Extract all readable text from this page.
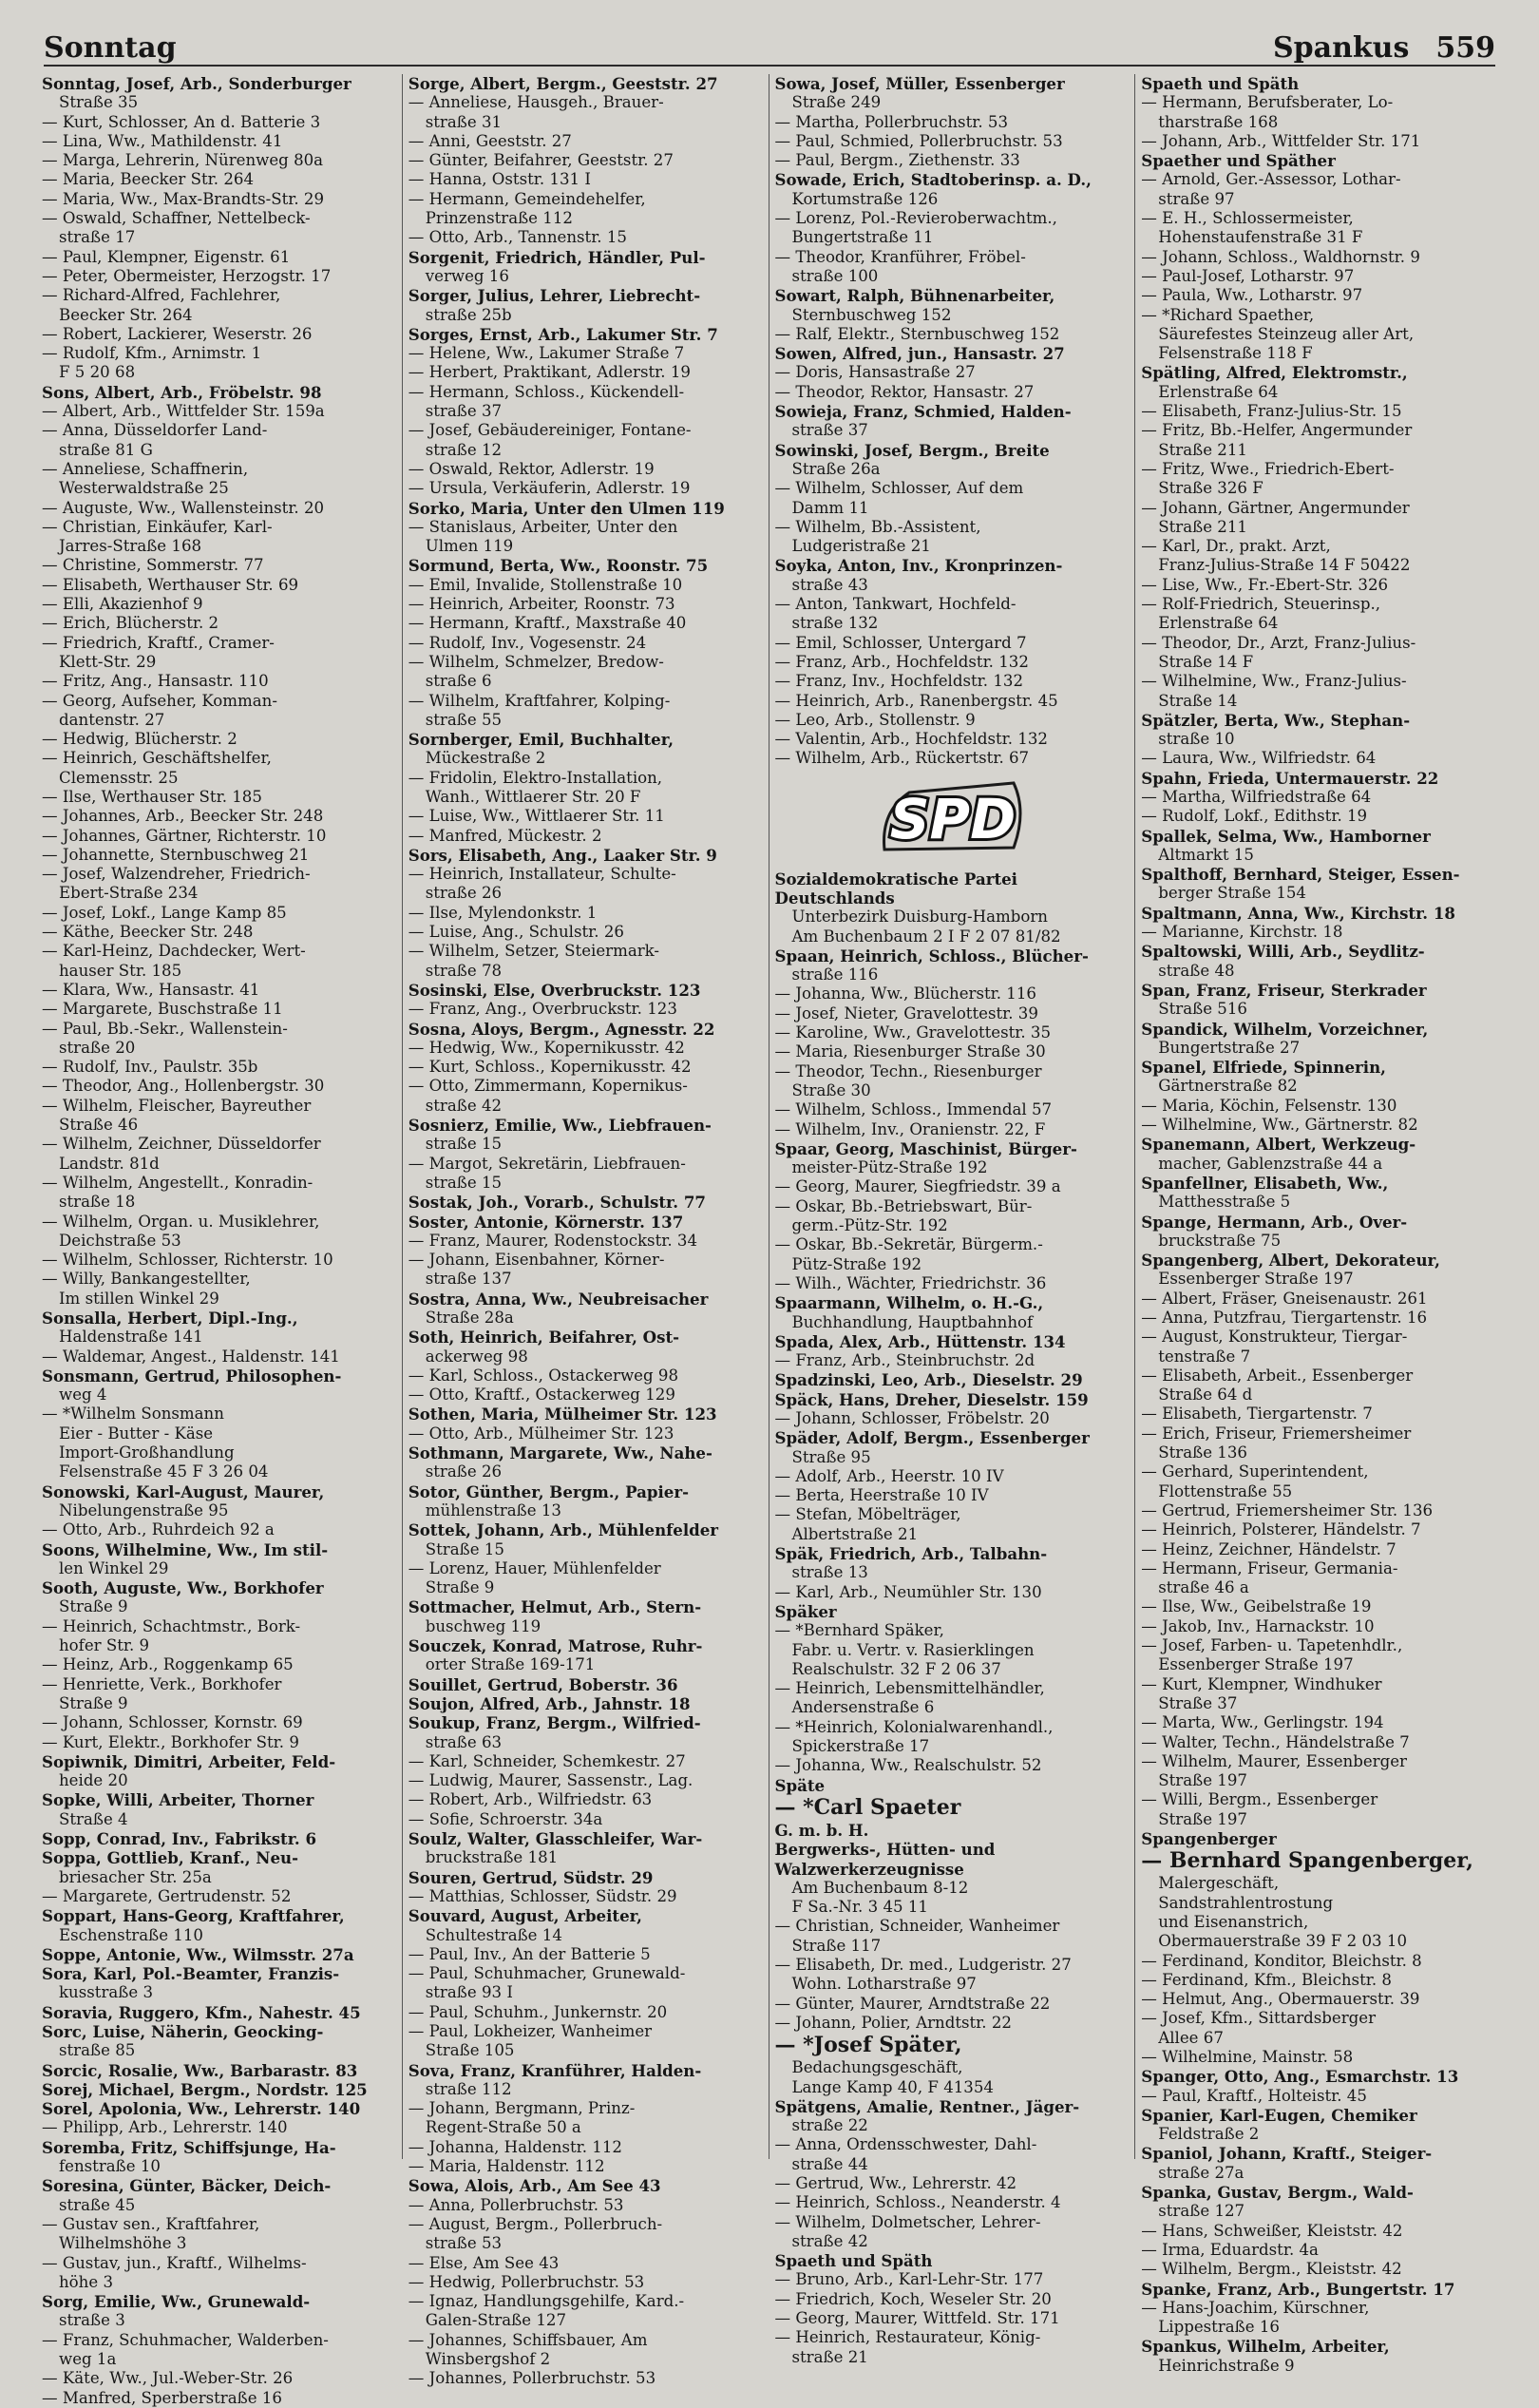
Sonntag	Spankus 559
Sonntag, Josef, Arb., Sonderburger
Straße 35
— Kurt, Schlosser, An d. Batterie 3
— Lina, Ww., Mathildenstr. 41
— Marga, Lehrerin, Nürenweg 80a
— Maria, Beecker Str. 264
— Maria, Ww., Max-Brandts-Str. 29
— Oswald, Schaffner, Nettelbeck-
straße 17
— Paul, Klempner, Eigenstr. 61
— Peter, Obermeister, Herzogstr. 17
— Richard-Alfred, Fachlehrer,
Beecker Str. 264
— Robert, Lackierer, Weserstr. 26
— Rudolf, Kfm., Arnimstr. 1
F 5 20 68
Sons, Albert, Arb., Fröbelstr. 98
— Albert, Arb., Wittfelder Str. 159a
— Anna, Düsseldorfer Land-
straße 81 G
— Anneliese, Schaffnerin,
Westerwaldstraße 25
— Auguste, Ww., Wallensteinstr. 20
— Christian, Einkäufer, Karl-
Jarres-Straße 168
— Christine, Sommerstr. 77
— Elisabeth, Werthauser Str. 69
— Elli, Akazienhof 9
— Erich, Blücherstr. 2
— Friedrich, Kraftf., Cramer-
Klett-Str. 29
— Fritz, Ang., Hansastr. 110
— Georg, Aufseher, Komman-
dantenstr. 27
— Hedwig, Blücherstr. 2
— Heinrich, Geschäftshelfer,
Clemensstr. 25
— Ilse, Werthauser Str. 185
— Johannes, Arb., Beecker Str. 248
— Johannes, Gärtner, Richterstr. 10
— Johannette, Sternbuschweg 21
— Josef, Walzendreher, Friedrich-
Ebert-Straße 234
— Josef, Lokf., Lange Kamp 85
— Käthe, Beecker Str. 248
— Karl-Heinz, Dachdecker, Wert-
hauser Str. 185
— Klara, Ww., Hansastr. 41
— Margarete, Buschstraße 11
— Paul, Bb.-Sekr., Wallenstein-
straße 20
— Rudolf, Inv., Paulstr. 35b
— Theodor, Ang., Hollenbergstr. 30
— Wilhelm, Fleischer, Bayreuther
Straße 46
— Wilhelm, Zeichner, Düsseldorfer
Landstr. 81d
— Wilhelm, Angestellt., Konradin-
straße 18
— Wilhelm, Organ. u. Musiklehrer,
Deichstraße 53
— Wilhelm, Schlosser, Richterstr. 10
— Willy, Bankangestellter,
Im stillen Winkel 29
Sonsalla, Herbert, Dipl.-Ing.,
Haldenstraße 141
— Waldemar, Angest., Haldenstr. 141
Sonsmann, Gertrud, Philosophen-
weg 4
— *Wilhelm Sonsmann
Eier - Butter - Käse
Import-Großhandlung
Felsenstraße 45 F 3 26 04
Sonowski, Karl-August, Maurer,
Nibelungenstraße 95
— Otto, Arb., Ruhrdeich 92 a
Soons, Wilhelmine, Ww., Im stil-
len Winkel 29
Sooth, Auguste, Ww., Borkhofer
Straße 9
— Heinrich, Schachtmstr., Bork-
hofer Str. 9
— Heinz, Arb., Roggenkamp 65
— Henriette, Verk., Borkhofer
Straße 9
— Johann, Schlosser, Kornstr. 69
— Kurt, Elektr., Borkhofer Str. 9
Sopiwnik, Dimitri, Arbeiter, Feld-
heide 20
Sopke, Willi, Arbeiter, Thorner
Straße 4
Sopp, Conrad, Inv., Fabrikstr. 6
Soppa, Gottlieb, Kranf., Neu-
briesacher Str. 25a
— Margarete, Gertrudenstr. 52
Soppart, Hans-Georg, Kraftfahrer,
Eschenstraße 110
Soppe, Antonie, Ww., Wilmsstr. 27a
Sora, Karl, Pol.-Beamter, Franzis-
kusstraße 3
Soravia, Ruggero, Kfm., Nahestr. 45
Sorc, Luise, Näherin, Geocking-
straße 85
Sorcic, Rosalie, Ww., Barbarastr. 83
Sorej, Michael, Bergm., Nordstr. 125
Sorel, Apolonia, Ww., Lehrerstr. 140
— Philipp, Arb., Lehrerstr. 140
Soremba, Fritz, Schiffsjunge, Ha-
fenstraße 10
Soresina, Günter, Bäcker, Deich-
straße 45
— Gustav sen., Kraftfahrer,
Wilhelmshöhe 3
— Gustav, jun., Kraftf., Wilhelms-
höhe 3
Sorg, Emilie, Ww., Grunewald-
straße 3
— Franz, Schuhmacher, Walderben-
weg 1a
— Käte, Ww., Jul.-Weber-Str. 26
— Manfred, Sperberstraße 16
Sorge, Albert, Bergm., Geeststr. 27
— Anneliese, Hausgeh., Brauer-
straße 31
— Anni, Geeststr. 27
— Günter, Beifahrer, Geeststr. 27
— Hanna, Oststr. 131 I
— Hermann, Gemeindehelfer,
Prinzenstraße 112
— Otto, Arb., Tannenstr. 15
Sorgenit, Friedrich, Händler, Pul-
verweg 16
Sorger, Julius, Lehrer, Liebrecht-
straße 25b
Sorges, Ernst, Arb., Lakumer Str. 7
— Helene, Ww., Lakumer Straße 7
— Herbert, Praktikant, Adlerstr. 19
— Hermann, Schloss., Kückendell-
straße 37
— Josef, Gebäudereiniger, Fontane-
straße 12
— Oswald, Rektor, Adlerstr. 19
— Ursula, Verkäuferin, Adlerstr. 19
Sorko, Maria, Unter den Ulmen 119
— Stanislaus, Arbeiter, Unter den
Ulmen 119
Sormund, Berta, Ww., Roonstr. 75
— Emil, Invalide, Stollenstraße 10
— Heinrich, Arbeiter, Roonstr. 73
— Hermann, Kraftf., Maxstraße 40
— Rudolf, Inv., Vogesenstr. 24
— Wilhelm, Schmelzer, Bredow-
straße 6
— Wilhelm, Kraftfahrer, Kolping-
straße 55
Sornberger, Emil, Buchhalter,
Mückestraße 2
— Fridolin, Elektro-Installation,
Wanh., Wittlaerer Str. 20 F
— Luise, Ww., Wittlaerer Str. 11
— Manfred, Mückestr. 2
Sors, Elisabeth, Ang., Laaker Str. 9
— Heinrich, Installateur, Schulte-
straße 26
— Ilse, Mylendonkstr. 1
— Luise, Ang., Schulstr. 26
— Wilhelm, Setzer, Steiermark-
straße 78
Sosinski, Else, Overbruckstr. 123
— Franz, Ang., Overbruckstr. 123
Sosna, Aloys, Bergm., Agnesstr. 22
— Hedwig, Ww., Kopernikusstr. 42
— Kurt, Schloss., Kopernikusstr. 42
— Otto, Zimmermann, Kopernikus-
straße 42
Sosnierz, Emilie, Ww., Liebfrauen-
straße 15
— Margot, Sekretärin, Liebfrauen-
straße 15
Sostak, Joh., Vorarb., Schulstr. 77
Soster, Antonie, Körnerstr. 137
— Franz, Maurer, Rodenstockstr. 34
— Johann, Eisenbahner, Körner-
straße 137
Sostra, Anna, Ww., Neubreisacher
Straße 28a
Soth, Heinrich, Beifahrer, Ost-
ackerweg 98
— Karl, Schloss., Ostackerweg 98
— Otto, Kraftf., Ostackerweg 129
Sothen, Maria, Mülheimer Str. 123
— Otto, Arb., Mülheimer Str. 123
Sothmann, Margarete, Ww., Nahe-
straße 26
Sotor, Günther, Bergm., Papier-
mühlenstraße 13
Sottek, Johann, Arb., Mühlenfelder
Straße 15
— Lorenz, Hauer, Mühlenfelder
Straße 9
Sottmacher, Helmut, Arb., Stern-
buschweg 119
Souczek, Konrad, Matrose, Ruhr-
orter Straße 169-171
Souillet, Gertrud, Boberstr. 36
Soujon, Alfred, Arb., Jahnstr. 18
Soukup, Franz, Bergm., Wilfried-
straße 63
— Karl, Schneider, Schemkestr. 27
— Ludwig, Maurer, Sassenstr., Lag.
— Robert, Arb., Wilfriedstr. 63
— Sofie, Schroerstr. 34a
Soulz, Walter, Glasschleifer, War-
bruckstraße 181
Souren, Gertrud, Südstr. 29
— Matthias, Schlosser, Südstr. 29
Souvard, August, Arbeiter,
Schultestraße 14
— Paul, Inv., An der Batterie 5
— Paul, Schuhmacher, Grunewald-
straße 93 I
— Paul, Schuhm., Junkernstr. 20
— Paul, Lokheizer, Wanheimer
Straße 105
Sova, Franz, Kranführer, Halden-
straße 112
— Johann, Bergmann, Prinz-
Regent-Straße 50 a
— Johanna, Haldenstr. 112
— Maria, Haldenstr. 112
Sowa, Alois, Arb., Am See 43
— Anna, Pollerbruchstr. 53
— August, Bergm., Pollerbruch-
straße 53
— Else, Am See 43
— Hedwig, Pollerbruchstr. 53
— Ignaz, Handlungsgehilfe, Kard.-
Galen-Straße 127
— Johannes, Schiffsbauer, Am
Winsbergshof 2
— Johannes, Pollerbruchstr. 53
Sowa, Josef, Müller, Essenberger
Straße 249
— Martha, Pollerbruchstr. 53
— Paul, Schmied, Pollerbruchstr. 53
— Paul, Bergm., Ziethenstr. 33
Sowade, Erich, Stadtoberinsp. a. D.,
Kortumstraße 126
— Lorenz, Pol.-Revieroberwachtm.,
Bungertstraße 11
— Theodor, Kranführer, Fröbel-
straße 100
Sowart, Ralph, Bühnenarbeiter,
Sternbuschweg 152
— Ralf, Elektr., Sternbuschweg 152
Sowen, Alfred, jun., Hansastr. 27
— Doris, Hansastraße 27
— Theodor, Rektor, Hansastr. 27
Sowieja, Franz, Schmied, Halden-
straße 37
Sowinski, Josef, Bergm., Breite
Straße 26a
— Wilhelm, Schlosser, Auf dem
Damm 11
— Wilhelm, Bb.-Assistent,
Ludgeristraße 21
Soyka, Anton, Inv., Kronprinzen-
straße 43
— Anton, Tankwart, Hochfeld-
straße 132
— Emil, Schlosser, Untergard 7
— Franz, Arb., Hochfeldstr. 132
— Franz, Inv., Hochfeldstr. 132
— Heinrich, Arb., Ranenbergstr. 45
— Leo, Arb., Stollenstr. 9
— Valentin, Arb., Hochfeldstr. 132
— Wilhelm, Arb., Rückertstr. 67
SPD
Sozialdemokratische Partei
Deutschlands
Unterbezirk Duisburg-Hamborn
Am Buchenbaum 2 I F 2 07 81/82
Spaan, Heinrich, Schloss., Blücher-
straße 116
— Johanna, Ww., Blücherstr. 116
— Josef, Nieter, Gravelottestr. 39
— Karoline, Ww., Gravelottestr. 35
— Maria, Riesenburger Straße 30
— Theodor, Techn., Riesenburger
Straße 30
— Wilhelm, Schloss., Immendal 57
— Wilhelm, Inv., Oranienstr. 22, F
Spaar, Georg, Maschinist, Bürger-
meister-Pütz-Straße 192
— Georg, Maurer, Siegfriedstr. 39 a
— Oskar, Bb.-Betriebswart, Bür-
germ.-Pütz-Str. 192
— Oskar, Bb.-Sekretär, Bürgerm.-
Pütz-Straße 192
— Wilh., Wächter, Friedrichstr. 36
Spaarmann, Wilhelm, o. H.-G.,
Buchhandlung, Hauptbahnhof
Spada, Alex, Arb., Hüttenstr. 134
— Franz, Arb., Steinbruchstr. 2d
Spadzinski, Leo, Arb., Dieselstr. 29
Späck, Hans, Dreher, Dieselstr. 159
— Johann, Schlosser, Fröbelstr. 20
Späder, Adolf, Bergm., Essenberger
Straße 95
— Adolf, Arb., Heerstr. 10 IV
— Berta, Heerstraße 10 IV
— Stefan, Möbelträger,
Albertstraße 21
Späk, Friedrich, Arb., Talbahn-
straße 13
— Karl, Arb., Neumühler Str. 130
Späker
— *Bernhard Späker,
Fabr. u. Vertr. v. Rasierklingen
Realschulstr. 32 F 2 06 37
— Heinrich, Lebensmittelhändler,
Andersenstraße 6
— *Heinrich, Kolonialwarenhandl.,
Spickerstraße 17
— Johanna, Ww., Realschulstr. 52
Späte
— *Carl Spaeter
G. m. b. H.
Bergwerks-, Hütten- und
Walzwerkerzeugnisse
Am Buchenbaum 8-12
F Sa.-Nr. 3 45 11
— Christian, Schneider, Wanheimer
Straße 117
— Elisabeth, Dr. med., Ludgeristr. 27
Wohn. Lotharstraße 97
— Günter, Maurer, Arndtstraße 22
— Johann, Polier, Arndtstr. 22
— *Josef Später,
Bedachungsgeschäft,
Lange Kamp 40, F 41354
Spätgens, Amalie, Rentner., Jäger-
straße 22
— Anna, Ordensschwester, Dahl-
straße 44
— Gertrud, Ww., Lehrerstr. 42
— Heinrich, Schloss., Neanderstr. 4
— Wilhelm, Dolmetscher, Lehrer-
straße 42
Spaeth und Späth
— Bruno, Arb., Karl-Lehr-Str. 177
— Friedrich, Koch, Weseler Str. 20
— Georg, Maurer, Wittfeld. Str. 171
— Heinrich, Restaurateur, König-
straße 21
Spaeth und Späth
— Hermann, Berufsberater, Lo-
tharstraße 168
— Johann, Arb., Wittfelder Str. 171
Spaether und Späther
— Arnold, Ger.-Assessor, Lothar-
straße 97
— E. H., Schlossermeister,
Hohenstaufenstraße 31 F
— Johann, Schloss., Waldhornstr. 9
— Paul-Josef, Lotharstr. 97
— Paula, Ww., Lotharstr. 97
— *Richard Spaether,
Säurefestes Steinzeug aller Art,
Felsenstraße 118 F
Spätling, Alfred, Elektromstr.,
Erlenstraße 64
— Elisabeth, Franz-Julius-Str. 15
— Fritz, Bb.-Helfer, Angermunder
Straße 211
— Fritz, Wwe., Friedrich-Ebert-
Straße 326 F
— Johann, Gärtner, Angermunder
Straße 211
— Karl, Dr., prakt. Arzt,
Franz-Julius-Straße 14 F 50422
— Lise, Ww., Fr.-Ebert-Str. 326
— Rolf-Friedrich, Steuerinsp.,
Erlenstraße 64
— Theodor, Dr., Arzt, Franz-Julius-
Straße 14 F
— Wilhelmine, Ww., Franz-Julius-
Straße 14
Spätzler, Berta, Ww., Stephan-
straße 10
— Laura, Ww., Wilfriedstr. 64
Spahn, Frieda, Untermauerstr. 22
— Martha, Wilfriedstraße 64
— Rudolf, Lokf., Edithstr. 19
Spallek, Selma, Ww., Hamborner
Altmarkt 15
Spalthoff, Bernhard, Steiger, Essen-
berger Straße 154
Spaltmann, Anna, Ww., Kirchstr. 18
— Marianne, Kirchstr. 18
Spaltowski, Willi, Arb., Seydlitz-
straße 48
Span, Franz, Friseur, Sterkrader
Straße 516
Spandick, Wilhelm, Vorzeichner,
Bungertstraße 27
Spanel, Elfriede, Spinnerin,
Gärtnerstraße 82
— Maria, Köchin, Felsenstr. 130
— Wilhelmine, Ww., Gärtnerstr. 82
Spanemann, Albert, Werkzeug-
macher, Gablenzstraße 44 a
Spanfellner, Elisabeth, Ww.,
Matthesstraße 5
Spange, Hermann, Arb., Over-
bruckstraße 75
Spangenberg, Albert, Dekorateur,
Essenberger Straße 197
— Albert, Fräser, Gneisenaustr. 261
— Anna, Putzfrau, Tiergartenstr. 16
— August, Konstrukteur, Tiergar-
tenstraße 7
— Elisabeth, Arbeit., Essenberger
Straße 64 d
— Elisabeth, Tiergartenstr. 7
— Erich, Friseur, Friemersheimer
Straße 136
— Gerhard, Superintendent,
Flottenstraße 55
— Gertrud, Friemersheimer Str. 136
— Heinrich, Polsterer, Händelstr. 7
— Heinz, Zeichner, Händelstr. 7
— Hermann, Friseur, Germania-
straße 46 a
— Ilse, Ww., Geibelstraße 19
— Jakob, Inv., Harnackstr. 10
— Josef, Farben- u. Tapetenhdlr.,
Essenberger Straße 197
— Kurt, Klempner, Windhuker
Straße 37
— Marta, Ww., Gerlingstr. 194
— Walter, Techn., Händelstraße 7
— Wilhelm, Maurer, Essenberger
Straße 197
— Willi, Bergm., Essenberger
Straße 197
Spangenberger
— Bernhard Spangenberger,
Malergeschäft,
Sandstrahlentrostung
und Eisenanstrich,
Obermauerstraße 39 F 2 03 10
— Ferdinand, Konditor, Bleichstr. 8
— Ferdinand, Kfm., Bleichstr. 8
— Helmut, Ang., Obermauerstr. 39
— Josef, Kfm., Sittardsberger
Allee 67
— Wilhelmine, Mainstr. 58
Spanger, Otto, Ang., Esmarchstr. 13
— Paul, Kraftf., Holteistr. 45
Spanier, Karl-Eugen, Chemiker
Feldstraße 2
Spaniol, Johann, Kraftf., Steiger-
straße 27a
Spanka, Gustav, Bergm., Wald-
straße 127
— Hans, Schweißer, Kleiststr. 42
— Irma, Eduardstr. 4a
— Wilhelm, Bergm., Kleiststr. 42
Spanke, Franz, Arb., Bungertstr. 17
— Hans-Joachim, Kürschner,
Lippestraße 16
Spankus, Wilhelm, Arbeiter,
Heinrichstraße 9
